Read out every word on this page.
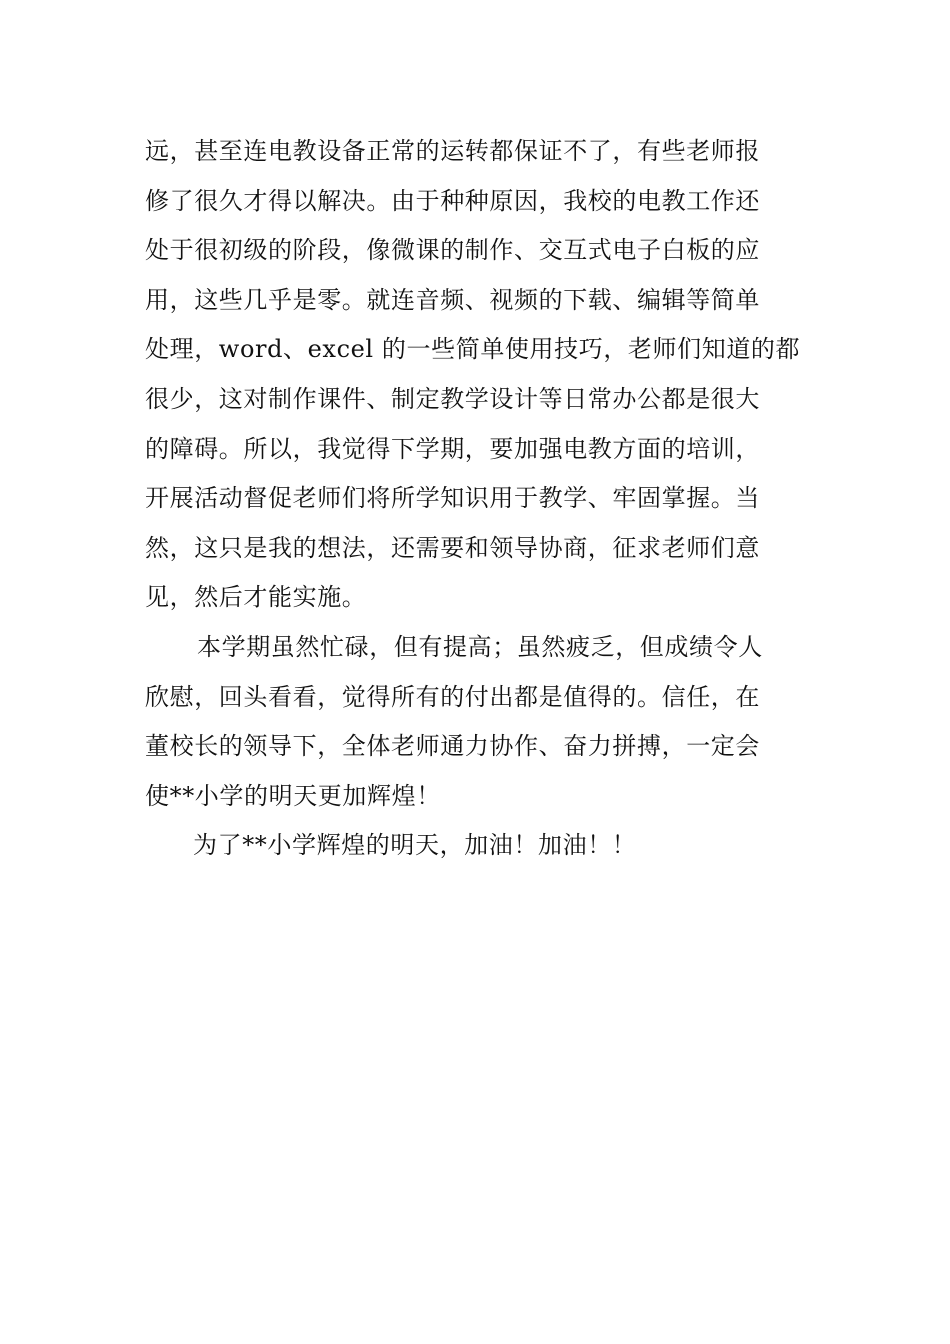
远，甚至连电教设备正常的运转都保证不了，有些老师报
修了很久才得以解决。由于种种原因，我校的电教工作还
处于很初级的阶段，像微课的制作、交互式电子白板的应
用，这些几乎是零。就连音频、视频的下载、编辑等简单
处理，word、excel 的一些简单使用技巧，老师们知道的都
很少，这对制作课件、制定教学设计等日常办公都是很大
的障碍。所以，我觉得下学期，要加强电教方面的培训，
开展活动督促老师们将所学知识用于教学、牢固掌握。当
然，这只是我的想法，还需要和领导协商，征求老师们意
见，然后才能实施。
本学期虽然忙碌，但有提高；虽然疲乏，但成绩令人
欣慰，回头看看，觉得所有的付出都是值得的。信任，在
董校长的领导下，全体老师通力协作、奋力拼搏，一定会
使**小学的明天更加辉煌！
为了**小学辉煌的明天，加油！加油！！
